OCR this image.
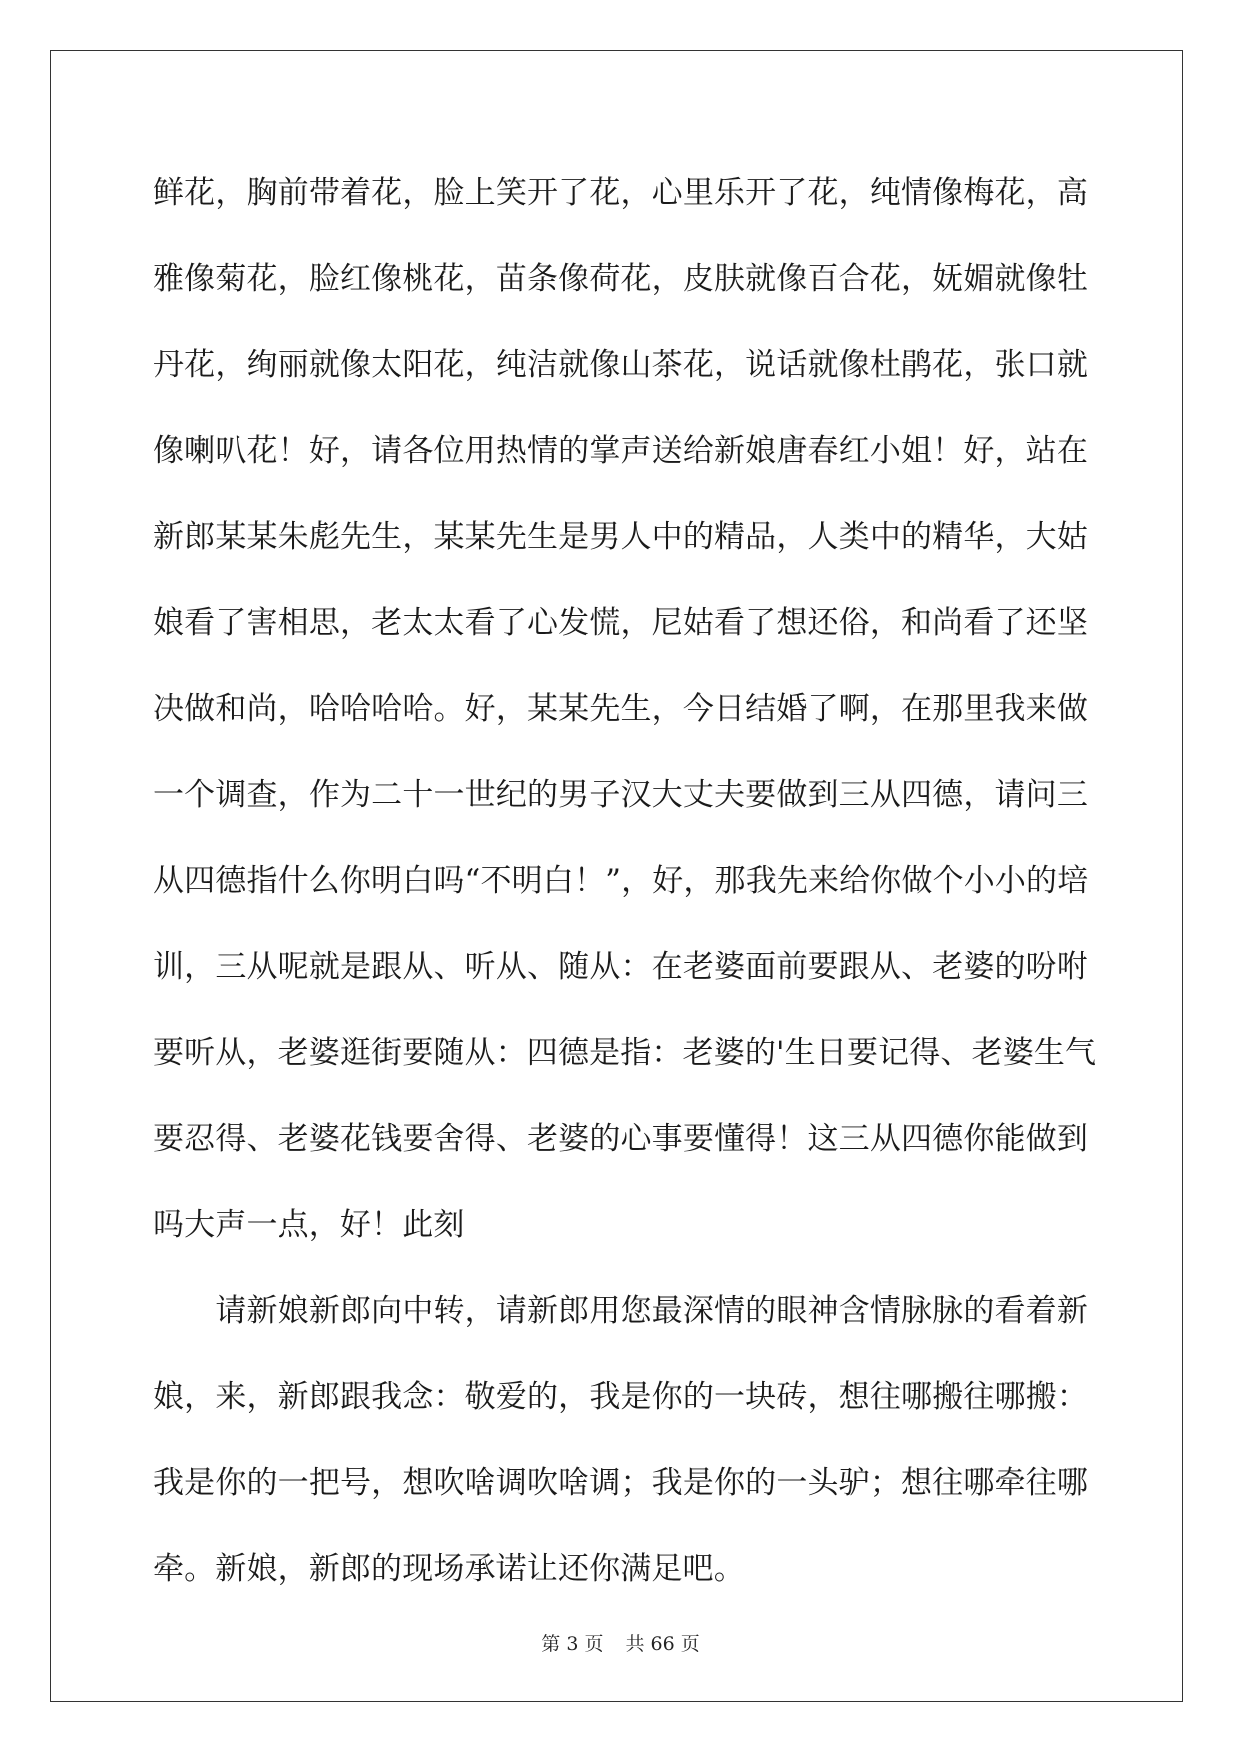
鲜花，胸前带着花，脸上笑开了花，心里乐开了花，纯情像梅花，高
雅像菊花，脸红像桃花，苗条像荷花，皮肤就像百合花，妩媚就像牡
丹花，绚丽就像太阳花，纯洁就像山茶花，说话就像杜鹃花，张口就
像喇叭花！好，请各位用热情的掌声送给新娘唐春红小姐！好，站在
新郎某某朱彪先生，某某先生是男人中的精品，人类中的精华，大姑
娘看了害相思，老太太看了心发慌，尼姑看了想还俗，和尚看了还坚
决做和尚，哈哈哈哈。好，某某先生，今日结婚了啊，在那里我来做
一个调查，作为二十一世纪的男子汉大丈夫要做到三从四德，请问三
从四德指什么你明白吗“不明白！”，好，那我先来给你做个小小的培
训，三从呢就是跟从、听从、随从：在老婆面前要跟从、老婆的吩咐
要听从，老婆逛街要随从：四德是指：老婆的'生日要记得、老婆生气
要忍得、老婆花钱要舍得、老婆的心事要懂得！这三从四德你能做到
吗大声一点，好！此刻
　　请新娘新郎向中转，请新郎用您最深情的眼神含情脉脉的看着新
娘，来，新郎跟我念：敬爱的，我是你的一块砖，想往哪搬往哪搬：
我是你的一把号，想吹啥调吹啥调；我是你的一头驴；想往哪牵往哪
牵。新娘，新郎的现场承诺让还你满足吧。
第 3 页 共 66 页
